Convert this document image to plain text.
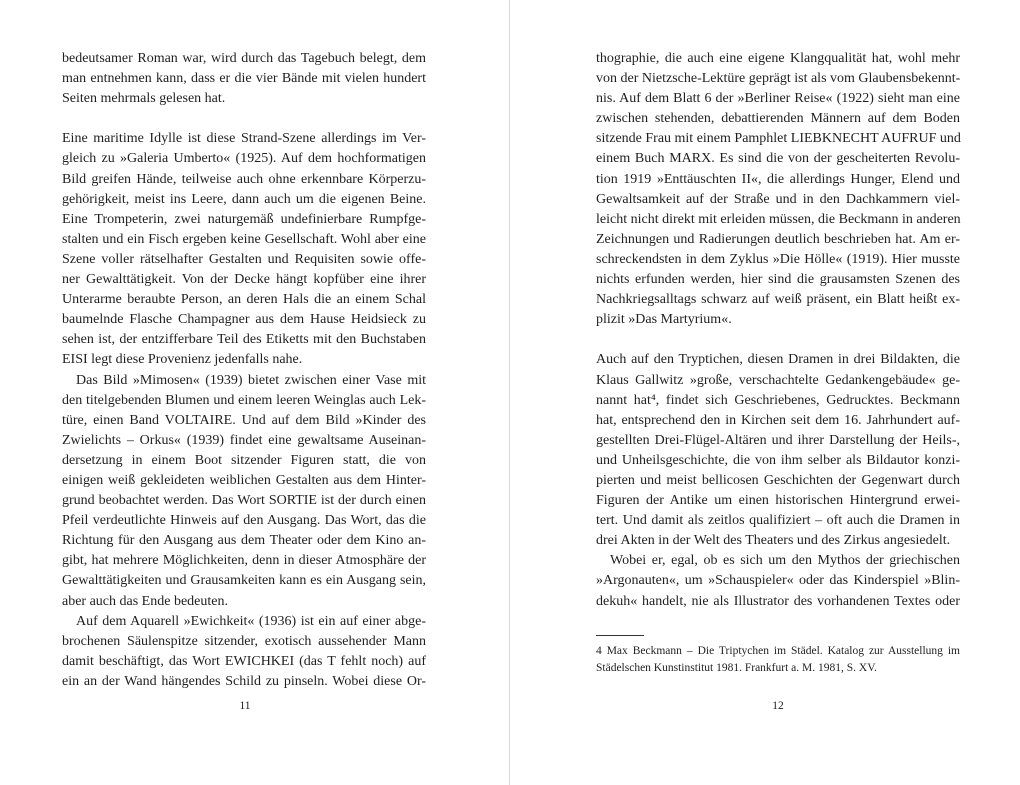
bedeutsamer Roman war, wird durch das Tagebuch belegt, dem
man entnehmen kann, dass er die vier Bände mit vielen hundert
Seiten mehrmals gelesen hat.
Eine maritime Idylle ist diese Strand-Szene allerdings im Ver-
gleich zu »Galeria Umberto« (1925). Auf dem hochformatigen
Bild greifen Hände, teilweise auch ohne erkennbare Körperzu-
gehörigkeit, meist ins Leere, dann auch um die eigenen Beine.
Eine Trompeterin, zwei naturgemäß undefinierbare Rumpfge-
stalten und ein Fisch ergeben keine Gesellschaft. Wohl aber eine
Szene voller rätselhafter Gestalten und Requisiten sowie offe-
ner Gewalttätigkeit. Von der Decke hängt kopfüber eine ihrer
Unterarme beraubte Person, an deren Hals die an einem Schal
baumelnde Flasche Champagner aus dem Hause Heidsieck zu
sehen ist, der entzifferbare Teil des Etiketts mit den Buchstaben
EISI legt diese Provenienz jedenfalls nahe.
Das Bild »Mimosen« (1939) bietet zwischen einer Vase mit
den titelgebenden Blumen und einem leeren Weinglas auch Lek-
türe, einen Band VOLTAIRE. Und auf dem Bild »Kinder des
Zwielichts – Orkus« (1939) findet eine gewaltsame Auseinan-
dersetzung in einem Boot sitzender Figuren statt, die von
einigen weiß gekleideten weiblichen Gestalten aus dem Hinter-
grund beobachtet werden. Das Wort SORTIE ist der durch einen
Pfeil verdeutlichte Hinweis auf den Ausgang. Das Wort, das die
Richtung für den Ausgang aus dem Theater oder dem Kino an-
gibt, hat mehrere Möglichkeiten, denn in dieser Atmosphäre der
Gewalttätigkeiten und Grausamkeiten kann es ein Ausgang sein,
aber auch das Ende bedeuten.
Auf dem Aquarell »Ewichkeit« (1936) ist ein auf einer abge-
brochenen Säulenspitze sitzender, exotisch aussehender Mann
damit beschäftigt, das Wort EWICHKEI (das T fehlt noch) auf
ein an der Wand hängendes Schild zu pinseln. Wobei diese Or-
11
thographie, die auch eine eigene Klangqualität hat, wohl mehr
von der Nietzsche-Lektüre geprägt ist als vom Glaubensbekennt-
nis. Auf dem Blatt 6 der »Berliner Reise« (1922) sieht man eine
zwischen stehenden, debattierenden Männern auf dem Boden
sitzende Frau mit einem Pamphlet LIEBKNECHT AUFRUF und
einem Buch MARX. Es sind die von der gescheiterten Revolu-
tion 1919 »Enttäuschten II«, die allerdings Hunger, Elend und
Gewaltsamkeit auf der Straße und in den Dachkammern viel-
leicht nicht direkt mit erleiden müssen, die Beckmann in anderen
Zeichnungen und Radierungen deutlich beschrieben hat. Am er-
schreckendsten in dem Zyklus »Die Hölle« (1919). Hier musste
nichts erfunden werden, hier sind die grausamsten Szenen des
Nachkriegsalltags schwarz auf weiß präsent, ein Blatt heißt ex-
plizit »Das Martyrium«.
Auch auf den Tryptichen, diesen Dramen in drei Bildakten, die
Klaus Gallwitz »große, verschachtelte Gedankengebäude« ge-
nannt hat⁴, findet sich Geschriebenes, Gedrucktes. Beckmann
hat, entsprechend den in Kirchen seit dem 16. Jahrhundert auf-
gestellten Drei-Flügel-Altären und ihrer Darstellung der Heils-,
und Unheilsgeschichte, die von ihm selber als Bildautor konzi-
pierten und meist bellicosen Geschichten der Gegenwart durch
Figuren der Antike um einen historischen Hintergrund erwei-
tert. Und damit als zeitlos qualifiziert – oft auch die Dramen in
drei Akten in der Welt des Theaters und des Zirkus angesiedelt.
Wobei er, egal, ob es sich um den Mythos der griechischen
»Argonauten«, um »Schauspieler« oder das Kinderspiel »Blin-
dekuh« handelt, nie als Illustrator des vorhandenen Textes oder
4 Max Beckmann – Die Triptychen im Städel. Katalog zur Ausstellung im
Städelschen Kunstinstitut 1981. Frankfurt a. M. 1981, S. XV.
12
